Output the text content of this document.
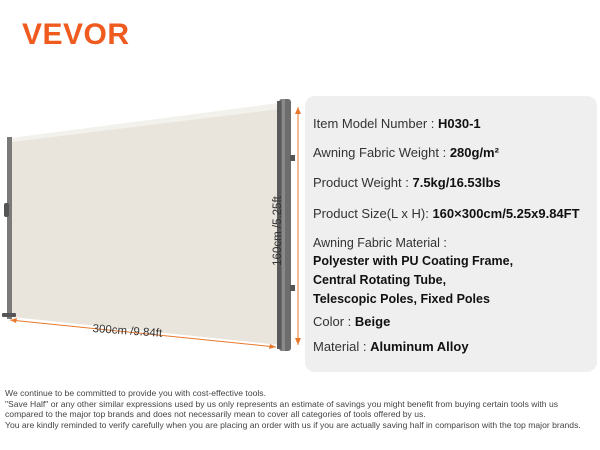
VEVOR
300cm /9.84ft
160cm /5.25ft
Item Model Number : H030-1
Awning Fabric Weight : 280g/m²
Product Weight : 7.5kg/16.53lbs
Product Size(L x H): 160×300cm/5.25x9.84FT
Awning Fabric Material :
Polyester with PU Coating Frame,
Central Rotating Tube,
Telescopic Poles, Fixed Poles
Color : Beige
Material : Aluminum Alloy
We continue to be committed to provide you with cost-effective tools.
"Save Half" or any other similar expressions used by us only represents an estimate of savings you might benefit from buying certain tools with us
compared to the major top brands and does not necessarily mean to cover all categories of tools offered by us.
You are kindly reminded to verify carefully when you are placing an order with us if you are actually saving half in comparison with the top major brands.
